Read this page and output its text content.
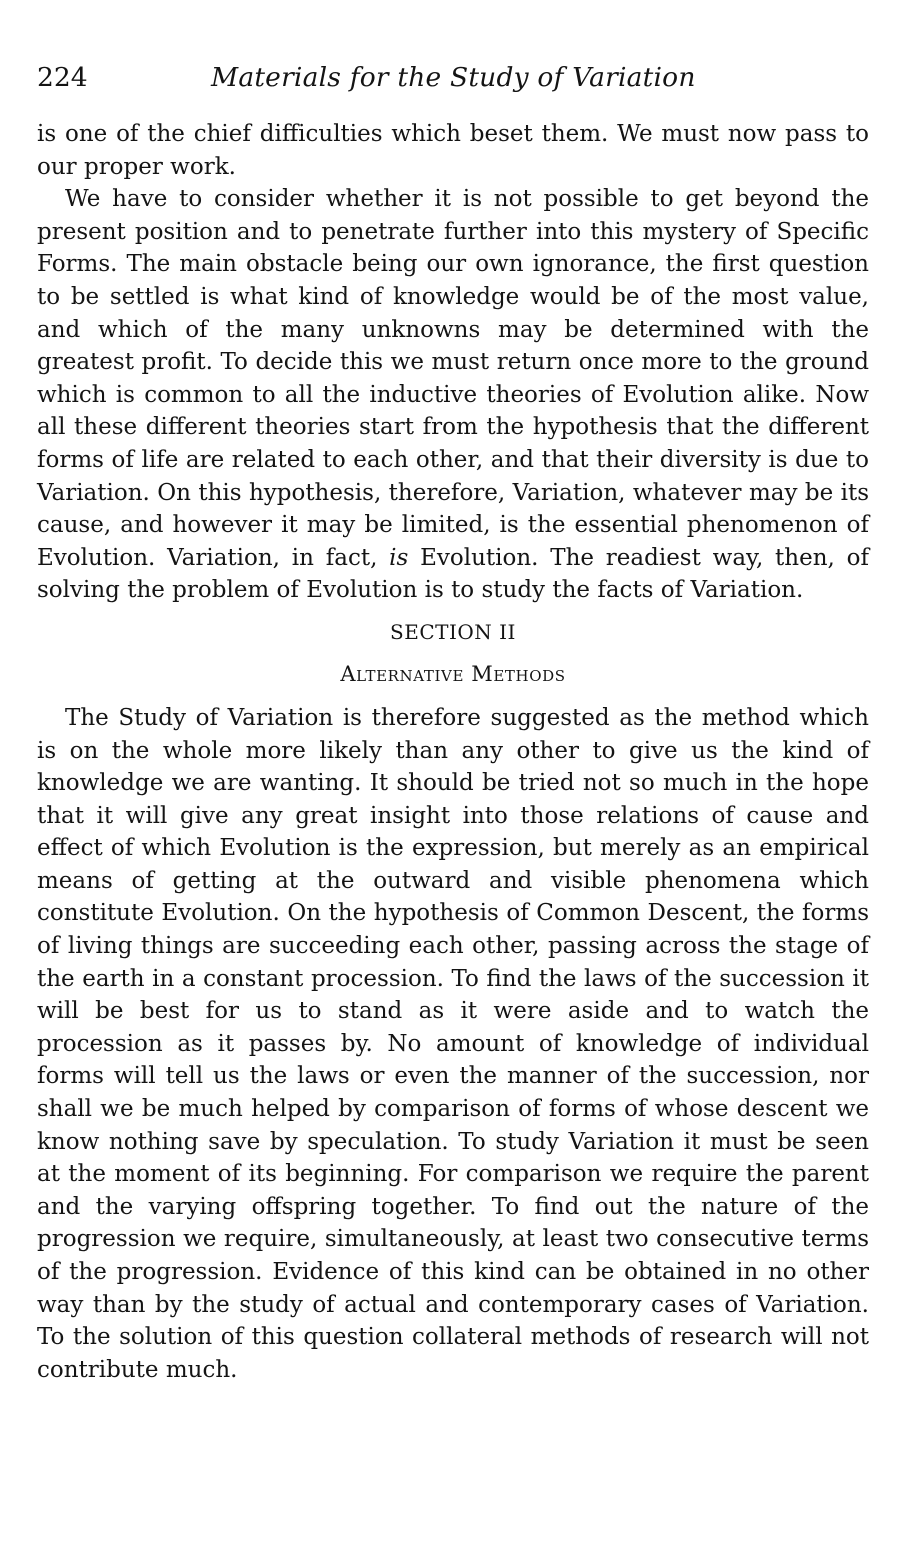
224	Materials for the Study of Variation

is one of the chief difficulties which beset them. We must now pass to our proper work.

We have to consider whether it is not possible to get beyond the present position and to penetrate further into this mystery of Specific Forms. The main obstacle being our own ignorance, the first question to be settled is what kind of knowledge would be of the most value, and which of the many unknowns may be determined with the greatest profit. To decide this we must return once more to the ground which is common to all the inductive theories of Evolution alike. Now all these different theories start from the hypothesis that the different forms of life are related to each other, and that their diversity is due to Variation. On this hypothesis, therefore, Variation, whatever may be its cause, and however it may be limited, is the essential phenomenon of Evolution. Variation, in fact, is Evolution. The readiest way, then, of solving the problem of Evolution is to study the facts of Variation.

SECTION II
Alternative Methods

The Study of Variation is therefore suggested as the method which is on the whole more likely than any other to give us the kind of knowledge we are wanting. It should be tried not so much in the hope that it will give any great insight into those relations of cause and effect of which Evolution is the expression, but merely as an empirical means of getting at the outward and visible phenomena which constitute Evolution. On the hypothesis of Common Descent, the forms of living things are succeeding each other, passing across the stage of the earth in a constant procession. To find the laws of the succession it will be best for us to stand as it were aside and to watch the procession as it passes by. No amount of knowledge of individual forms will tell us the laws or even the manner of the succession, nor shall we be much helped by comparison of forms of whose descent we know nothing save by speculation. To study Variation it must be seen at the moment of its beginning. For comparison we require the parent and the varying offspring together. To find out the nature of the progression we require, simultaneously, at least two consecutive terms of the progression. Evidence of this kind can be obtained in no other way than by the study of actual and contemporary cases of Variation. To the solution of this question collateral methods of research will not contribute much.
